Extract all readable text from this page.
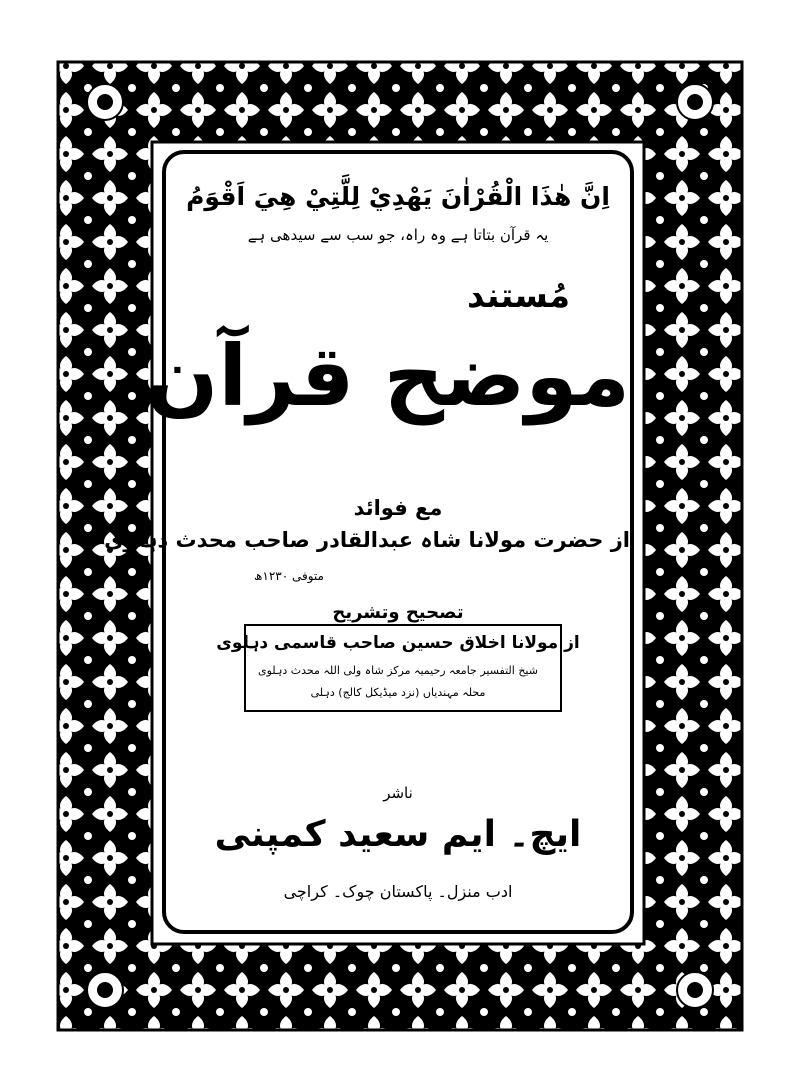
اِنَّ هٰذَا الْقُرْاٰنَ يَهْدِيْ لِلَّتِيْ هِيَ اَقْوَمُ
یہ قرآن بتاتا ہے وہ راہ، جو سب سے سیدھی ہے
مُستند
موضح قرآن
مع فوائد
از حضرت مولانا شاہ عبدالقادر صاحب محدث دہلوی
متوفی ۱۲۳۰ھ
تصحیح وتشریح
از مولانا اخلاق حسین صاحب قاسمی دہلوی
شیخ التفسیر جامعہ رحیمیہ مرکز شاہ ولی اللہ محدث دہلوی
محلہ مہندیاں (نزد میڈیکل کالج) دہلی
ناشر
ایچ۔ ایم سعید کمپنی
ادب منزل۔ پاکستان چوک۔ کراچی
